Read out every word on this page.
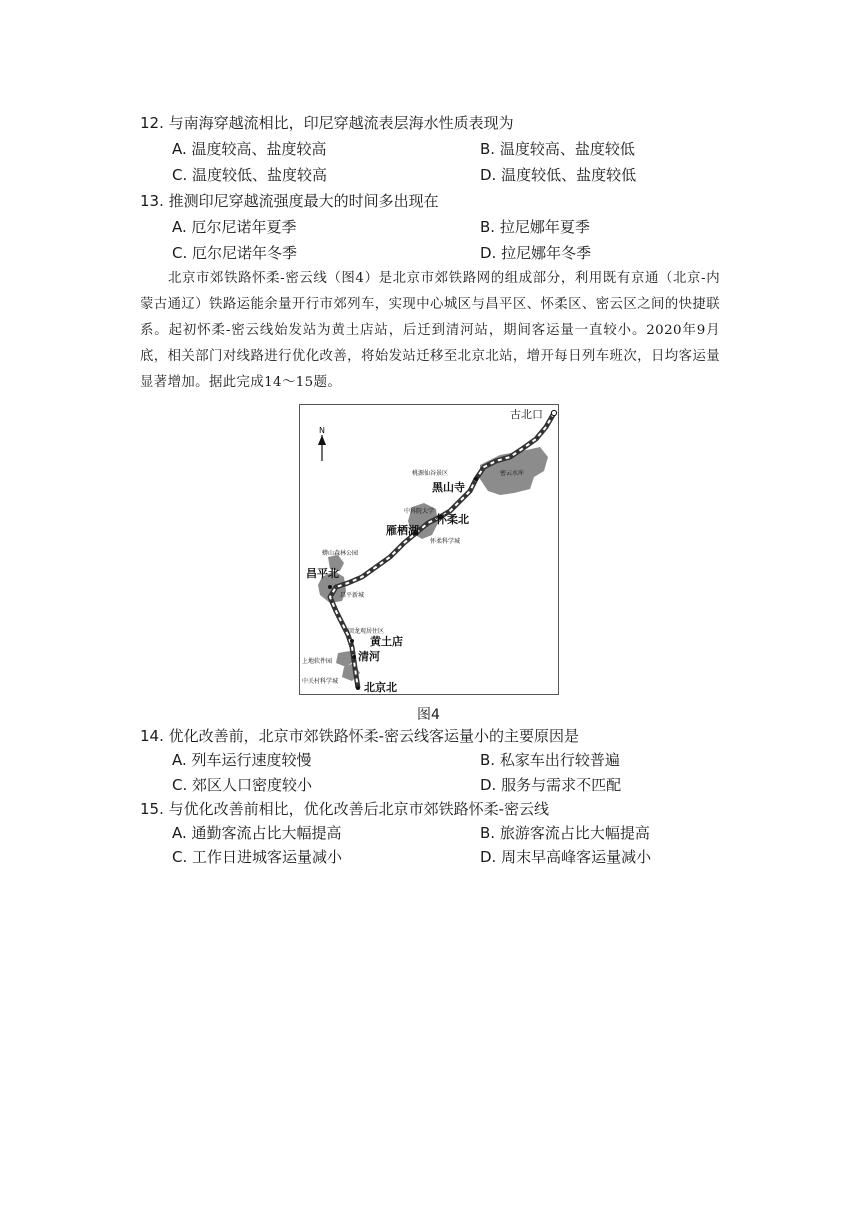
12. 与南海穿越流相比，印尼穿越流表层海水性质表现为
A. 温度较高、盐度较高	B. 温度较高、盐度较低
C. 温度较低、盐度较高	D. 温度较低、盐度较低
13. 推测印尼穿越流强度最大的时间多出现在
A. 厄尔尼诺年夏季	B. 拉尼娜年夏季
C. 厄尔尼诺年冬季	D. 拉尼娜年冬季
北京市郊铁路怀柔-密云线（图4）是北京市郊铁路网的组成部分，利用既有京通（北京-内蒙古通辽）铁路运能余量开行市郊列车，实现中心城区与昌平区、怀柔区、密云区之间的快捷联系。起初怀柔-密云线始发站为黄土店站，后迁到清河站，期间客运量一直较小。2020年9月底，相关部门对线路进行优化改善，将始发站迁移至北京北站，增开每日列车班次，日均客运量显著增加。据此完成14～15题。
N
古北口
黑山寺
怀柔北
雁栖湖
昌平北
黄土店
清河
北京北
桃源仙谷景区	密云水库
中科院大学
怀柔科学城
蟒山森林公园
昌平新城
回龙观居住区
上地软件园
中关村科学城
图4
14. 优化改善前，北京市郊铁路怀柔-密云线客运量小的主要原因是
A. 列车运行速度较慢	B. 私家车出行较普遍
C. 郊区人口密度较小	D. 服务与需求不匹配
15. 与优化改善前相比，优化改善后北京市郊铁路怀柔-密云线
A. 通勤客流占比大幅提高	B. 旅游客流占比大幅提高
C. 工作日进城客运量减小	D. 周末早高峰客运量减小
